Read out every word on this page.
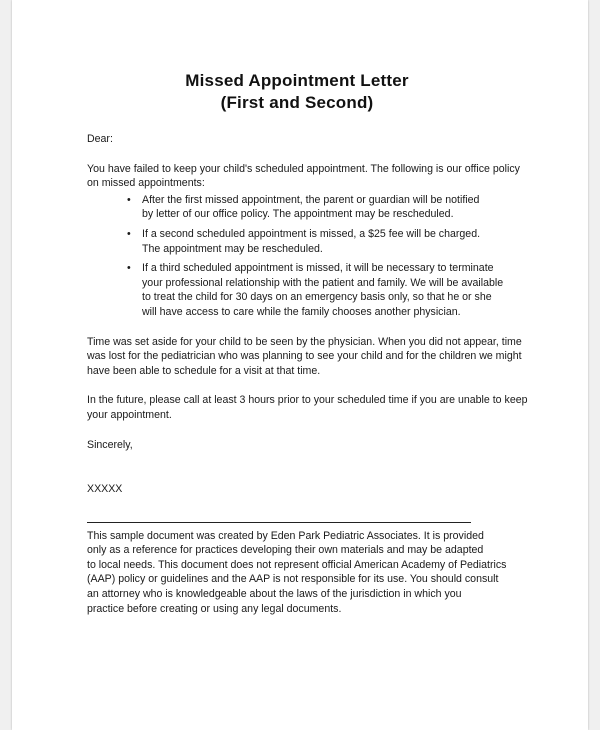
Missed Appointment Letter
(First and Second)
Dear:
You have failed to keep your child's scheduled appointment. The following is our office policy
on missed appointments:
• After the first missed appointment, the parent or guardian will be notified
by letter of our office policy. The appointment may be rescheduled.
• If a second scheduled appointment is missed, a $25 fee will be charged.
The appointment may be rescheduled.
• If a third scheduled appointment is missed, it will be necessary to terminate
your professional relationship with the patient and family. We will be available
to treat the child for 30 days on an emergency basis only, so that he or she
will have access to care while the family chooses another physician.
Time was set aside for your child to be seen by the physician. When you did not appear, time
was lost for the pediatrician who was planning to see your child and for the children we might
have been able to schedule for a visit at that time.
In the future, please call at least 3 hours prior to your scheduled time if you are unable to keep
your appointment.
Sincerely,
XXXXX
This sample document was created by Eden Park Pediatric Associates. It is provided
only as a reference for practices developing their own materials and may be adapted
to local needs. This document does not represent official American Academy of Pediatrics
(AAP) policy or guidelines and the AAP is not responsible for its use. You should consult
an attorney who is knowledgeable about the laws of the jurisdiction in which you
practice before creating or using any legal documents.
